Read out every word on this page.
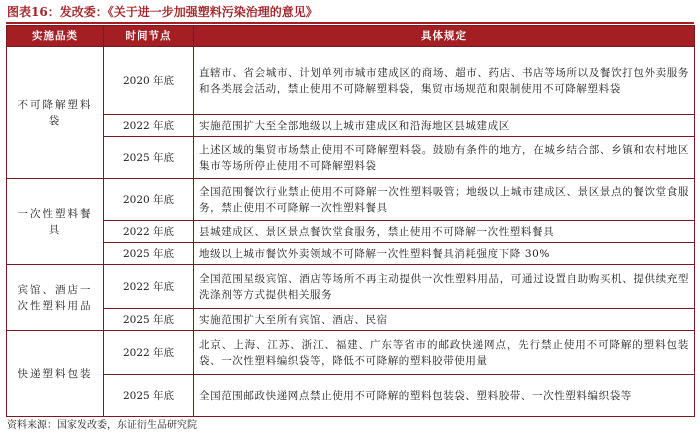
图表16：发改委：《关于进一步加强塑料污染治理的意见》
实施品类	时间节点	具体规定
不可降解塑料袋	2020 年底	直辖市、省会城市、计划单列市城市建成区的商场、超市、药店、书店等场所以及餐饮打包外卖服务和各类展会活动，禁止使用不可降解塑料袋，集贸市场规范和限制使用不可降解塑料袋
	2022 年底	实施范围扩大至全部地级以上城市建成区和沿海地区县城建成区
	2025 年底	上述区域的集贸市场禁止使用不可降解塑料袋。鼓励有条件的地方，在城乡结合部、乡镇和农村地区集市等场所停止使用不可降解塑料袋
一次性塑料餐具	2020 年底	全国范围餐饮行业禁止使用不可降解一次性塑料吸管；地级以上城市建成区、景区景点的餐饮堂食服务，禁止使用不可降解一次性塑料餐具
	2022 年底	县城建成区、景区景点餐饮堂食服务，禁止使用不可降解一次性塑料餐具
	2025 年底	地级以上城市餐饮外卖领域不可降解一次性塑料餐具消耗强度下降 30%
宾馆、酒店一次性塑料用品	2022 年底	全国范围星级宾馆、酒店等场所不再主动提供一次性塑料用品，可通过设置自助购买机、提供续充型洗涤剂等方式提供相关服务
	2025 年底	实施范围扩大至所有宾馆、酒店、民宿
快递塑料包装	2022 年底	北京、上海、江苏、浙江、福建、广东等省市的邮政快递网点，先行禁止使用不可降解的塑料包装袋、一次性塑料编织袋等，降低不可降解的塑料胶带使用量
	2025 年底	全国范围邮政快递网点禁止使用不可降解的塑料包装袋、塑料胶带、一次性塑料编织袋等
资料来源：国家发改委，东证衍生品研究院
